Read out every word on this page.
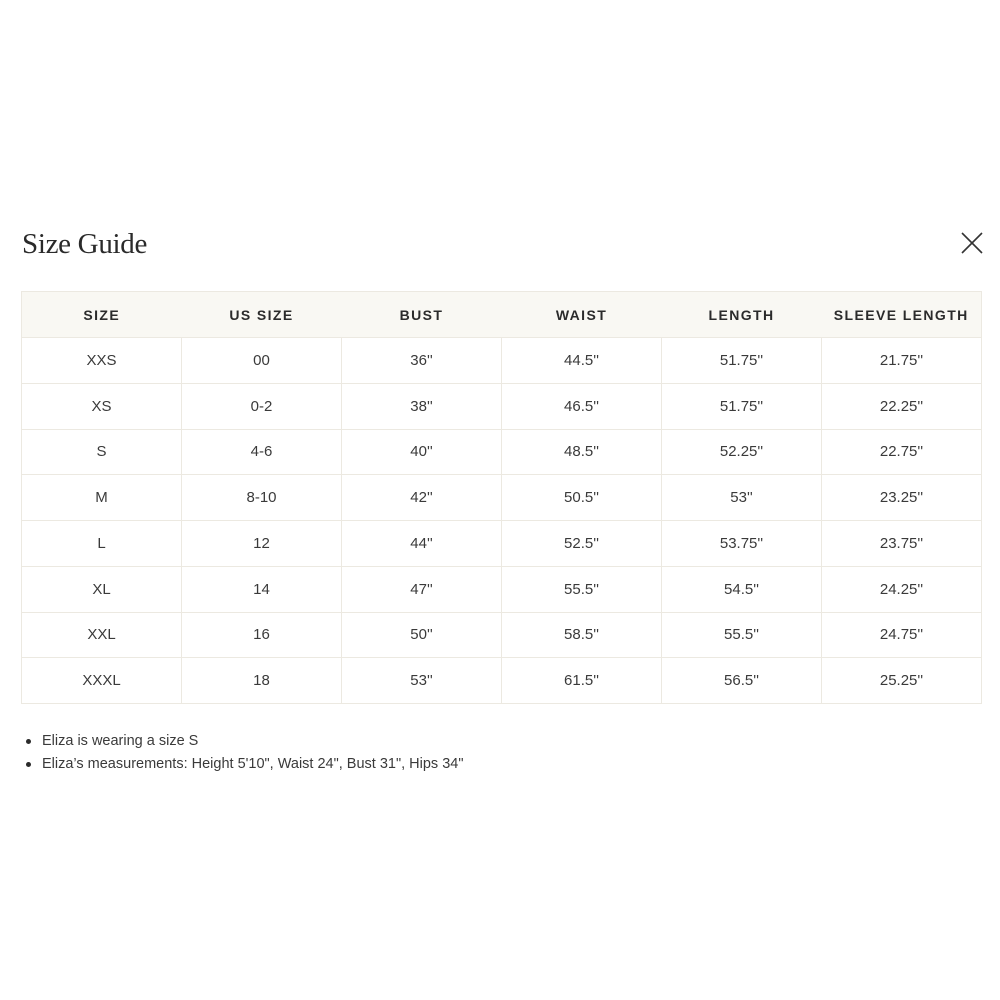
Size Guide
SIZE	US SIZE	BUST	WAIST	LENGTH	SLEEVE LENGTH
XXS	00	36''	44.5''	51.75''	21.75''
XS	0-2	38''	46.5''	51.75''	22.25''
S	4-6	40''	48.5''	52.25''	22.75''
M	8-10	42''	50.5''	53''	23.25''
L	12	44''	52.5''	53.75''	23.75''
XL	14	47''	55.5''	54.5''	24.25''
XXL	16	50''	58.5''	55.5''	24.75''
XXXL	18	53''	61.5''	56.5''	25.25''
Eliza is wearing a size S
Eliza’s measurements: Height 5'10", Waist 24", Bust 31", Hips 34"
